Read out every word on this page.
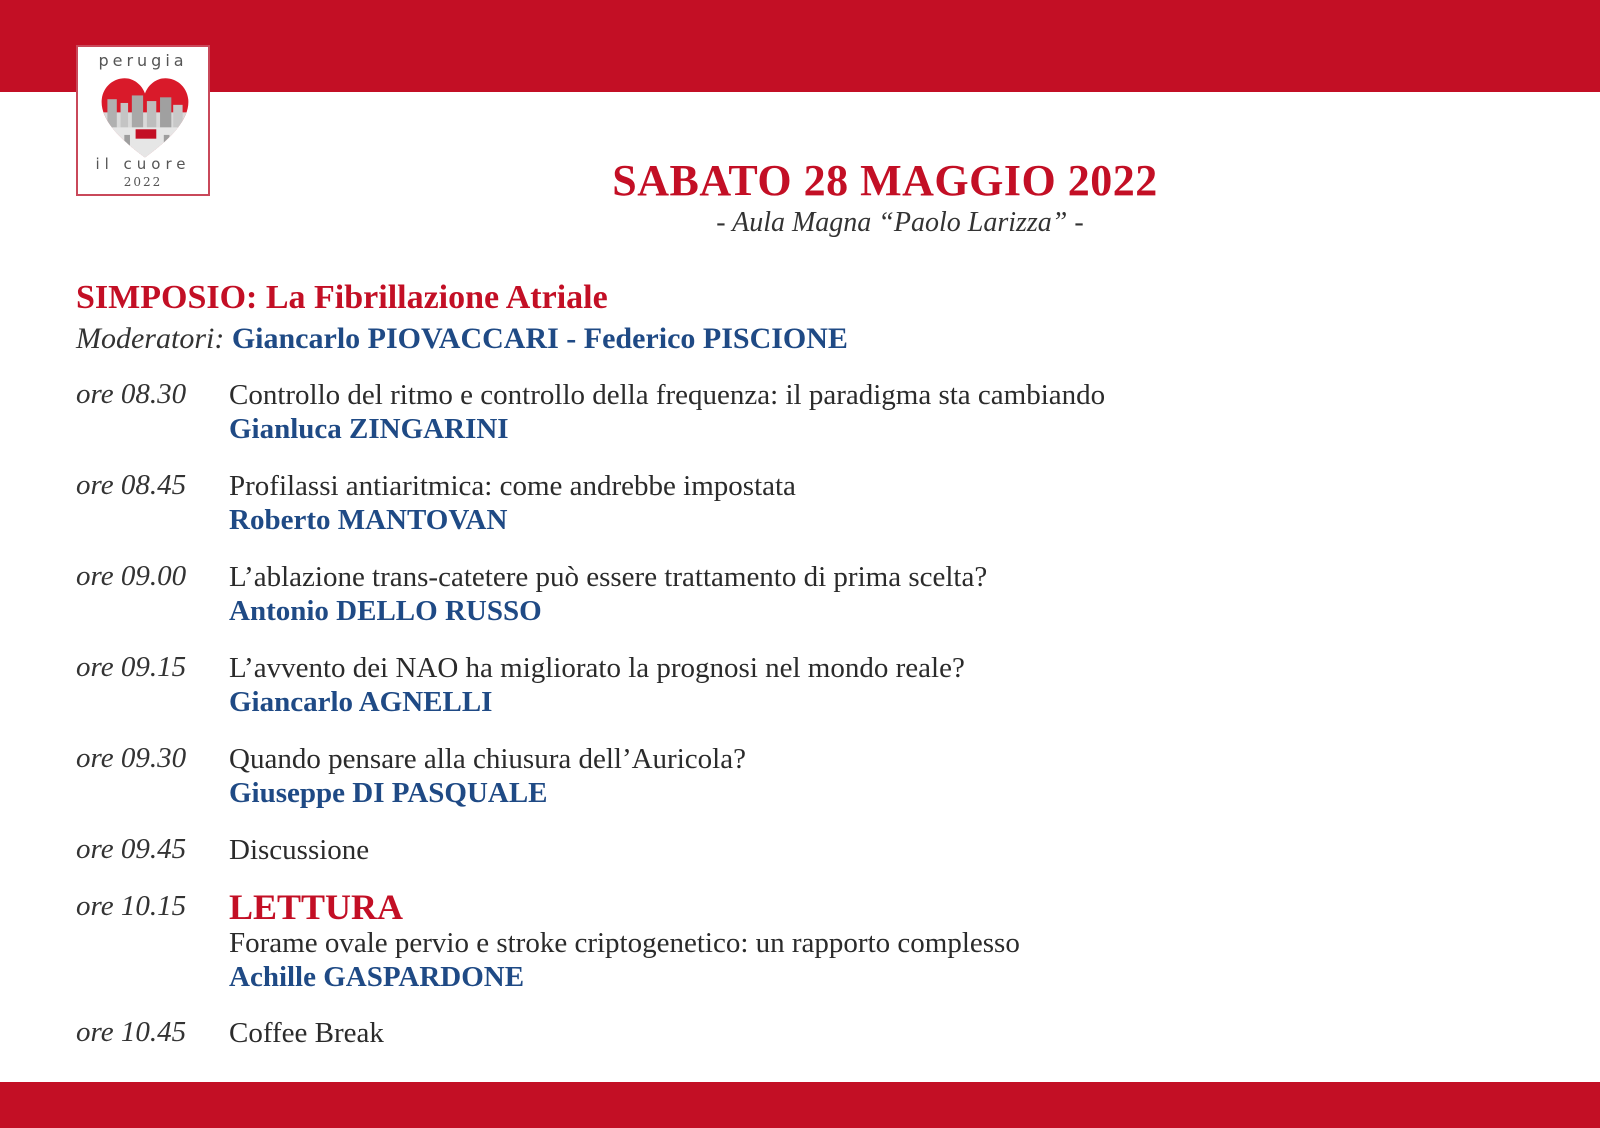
perugia
il cuore
2022	SABATO 28 MAGGIO 2022
- Aula Magna “Paolo Larizza” -
SIMPOSIO: La Fibrillazione Atriale
Moderatori: Giancarlo PIOVACCARI - Federico PISCIONE
ore 08.30 Controllo del ritmo e controllo della frequenza: il paradigma sta cambiando
Gianluca ZINGARINI
ore 08.45 Profilassi antiaritmica: come andrebbe impostata
Roberto MANTOVAN
ore 09.00 L’ablazione trans-catetere può essere trattamento di prima scelta?
Antonio DELLO RUSSO
ore 09.15 L’avvento dei NAO ha migliorato la prognosi nel mondo reale?
Giancarlo AGNELLI
ore 09.30 Quando pensare alla chiusura dell’Auricola?
Giuseppe DI PASQUALE
ore 09.45 Discussione
ore 10.15 LETTURA
Forame ovale pervio e stroke criptogenetico: un rapporto complesso
Achille GASPARDONE
ore 10.45 Coffee Break
